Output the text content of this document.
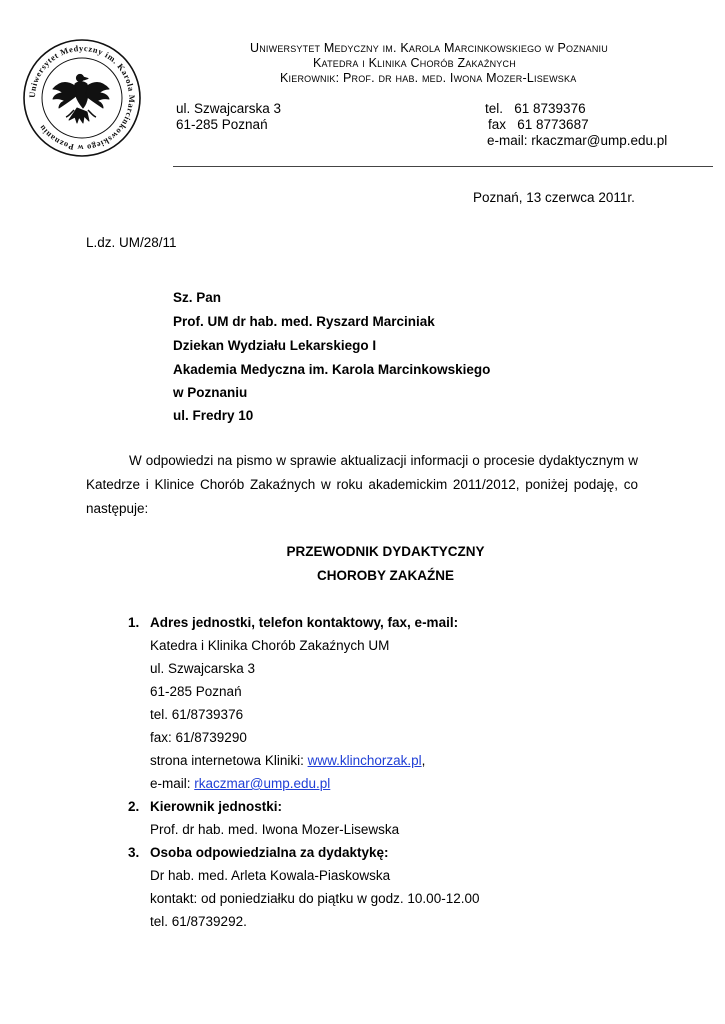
Uniwersytet Medyczny im. Karola Marcinkowskiego w Poznaniu
Uniwersytet Medyczny im. Karola Marcinkowskiego w Poznaniu
Katedra i Klinika Chorób Zakaźnych
Kierownik: Prof. dr hab. med. Iwona Mozer-Lisewska
ul. Szwajcarska 3
61-285 Poznań
tel.   61 8739376
fax   61 8773687
e-mail: rkaczmar@ump.edu.pl
Poznań, 13 czerwca 2011r.
L.dz. UM/28/11
Sz. Pan
Prof. UM dr hab. med. Ryszard Marciniak
Dziekan Wydziału Lekarskiego I
Akademia Medyczna im. Karola Marcinkowskiego
w Poznaniu
ul. Fredry 10
W odpowiedzi na pismo w sprawie aktualizacji informacji o procesie dydaktycznym w Katedrze i Klinice Chorób Zakaźnych w roku akademickim 2011/2012, poniżej podaję, co następuje:
PRZEWODNIK DYDAKTYCZNY
CHOROBY ZAKAŹNE
1. Adres jednostki, telefon kontaktowy, fax, e-mail:
Katedra i Klinika Chorób Zakaźnych UM
ul. Szwajcarska 3
61-285 Poznań
tel. 61/8739376
fax: 61/8739290
strona internetowa Kliniki: www.klinchorzak.pl,
e-mail: rkaczmar@ump.edu.pl
2. Kierownik jednostki:
Prof. dr hab. med. Iwona Mozer-Lisewska
3. Osoba odpowiedzialna za dydaktykę:
Dr hab. med. Arleta Kowala-Piaskowska
kontakt: od poniedziałku do piątku w godz. 10.00-12.00
tel. 61/8739292.
